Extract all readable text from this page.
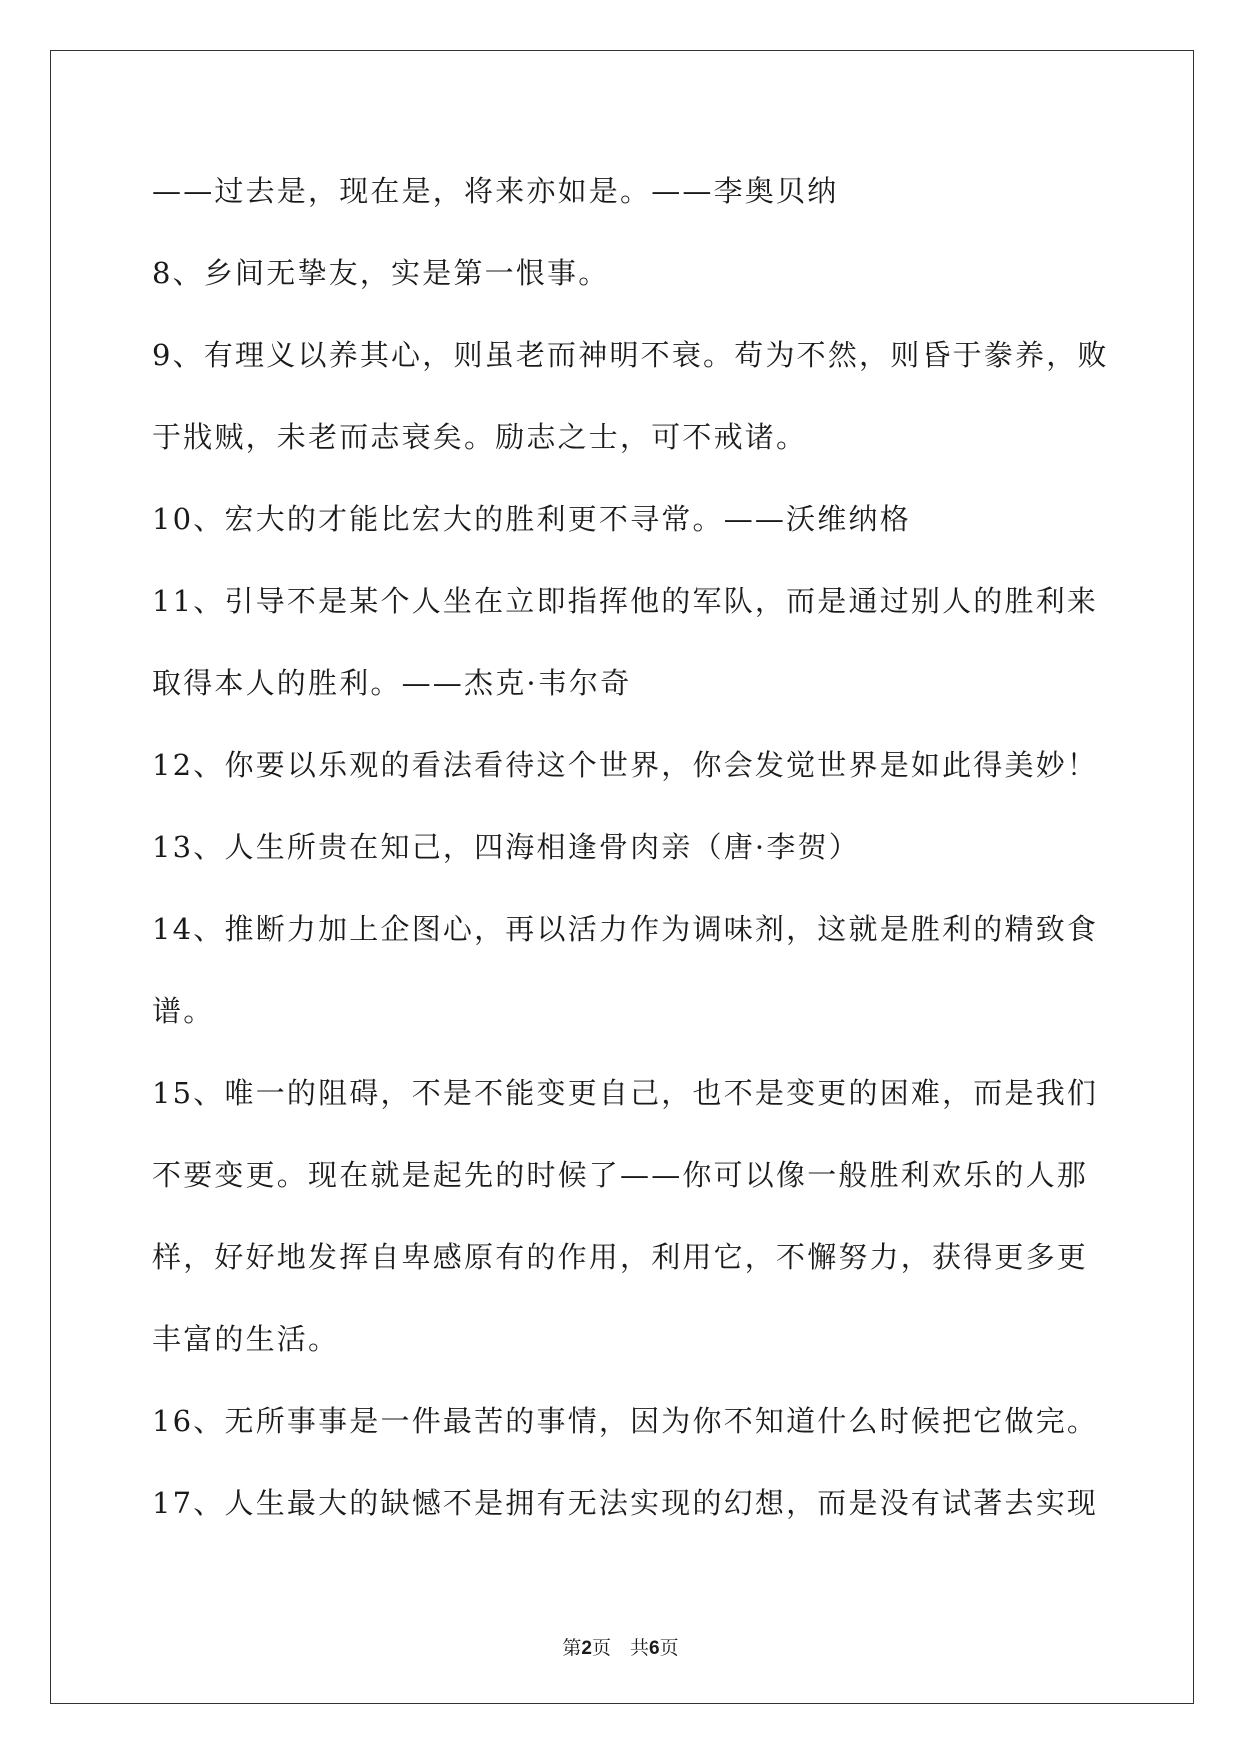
——过去是，现在是，将来亦如是。——李奥贝纳
8、乡间无挚友，实是第一恨事。
9、有理义以养其心，则虽老而神明不衰。苟为不然，则昏于豢养，败
于戕贼，未老而志衰矣。励志之士，可不戒诸。
10、宏大的才能比宏大的胜利更不寻常。——沃维纳格
11、引导不是某个人坐在立即指挥他的军队，而是通过别人的胜利来
取得本人的胜利。——杰克·韦尔奇
12、你要以乐观的看法看待这个世界，你会发觉世界是如此得美妙！
13、人生所贵在知己，四海相逢骨肉亲（唐·李贺）
14、推断力加上企图心，再以活力作为调味剂，这就是胜利的精致食
谱。
15、唯一的阻碍，不是不能变更自己，也不是变更的困难，而是我们
不要变更。现在就是起先的时候了——你可以像一般胜利欢乐的人那
样，好好地发挥自卑感原有的作用，利用它，不懈努力，获得更多更
丰富的生活。
16、无所事事是一件最苦的事情，因为你不知道什么时候把它做完。
17、人生最大的缺憾不是拥有无法实现的幻想，而是没有试著去实现
第2页　共6页
